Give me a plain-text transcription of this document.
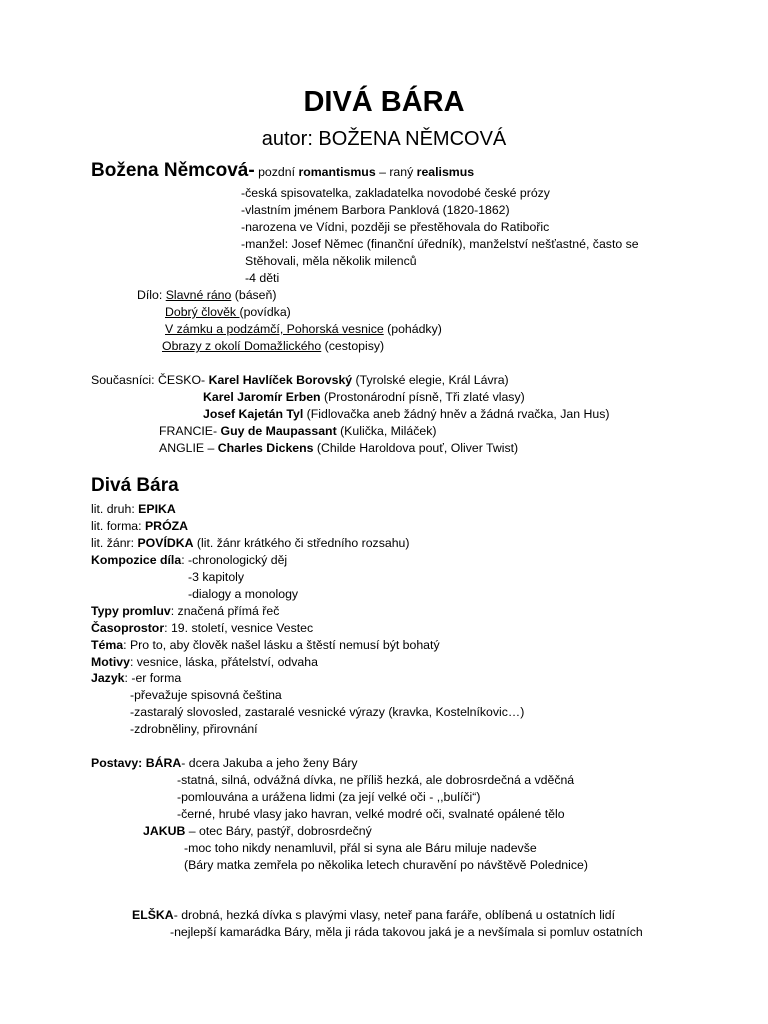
DIVÁ BÁRA
autor: BOŽENA NĚMCOVÁ
Božena Němcová- pozdní romantismus – raný realismus
-česká spisovatelka, zakladatelka novodobé české prózy
-vlastním jménem Barbora Panklová (1820-1862)
-narozena ve Vídni, později se přestěhovala do Ratibořic
-manžel: Josef Němec (finanční úředník), manželství nešťastné, často se
Stěhovali, měla několik milenců
-4 děti
Dílo: Slavné ráno (báseň)
Dobrý člověk (povídka)
V zámku a podzámčí, Pohorská vesnice (pohádky)
Obrazy z okolí Domažlického (cestopisy)
Současníci: ČESKO- Karel Havlíček Borovský (Tyrolské elegie, Král Lávra)
Karel Jaromír Erben (Prostonárodní písně, Tři zlaté vlasy)
Josef Kajetán Tyl (Fidlovačka aneb žádný hněv a žádná rvačka, Jan Hus)
FRANCIE- Guy de Maupassant (Kulička, Miláček)
ANGLIE – Charles Dickens (Childe Haroldova pouť, Oliver Twist)
Divá Bára
lit. druh: EPIKA
lit. forma: PRÓZA
lit. žánr: POVÍDKA (lit. žánr krátkého či středního rozsahu)
Kompozice díla: -chronologický děj
-3 kapitoly
-dialogy a monology
Typy promluv: značená přímá řeč
Časoprostor: 19. století, vesnice Vestec
Téma: Pro to, aby člověk našel lásku a štěstí nemusí být bohatý
Motivy: vesnice, láska, přátelství, odvaha
Jazyk: -er forma
-převažuje spisovná čeština
-zastaralý slovosled, zastaralé vesnické výrazy (kravka, Kostelníkovic…)
-zdrobněliny, přirovnání
Postavy: BÁRA- dcera Jakuba a jeho ženy Báry
-statná, silná, odvážná dívka, ne příliš hezká, ale dobrosrdečná a vděčná
-pomlouvána a urážena lidmi (za její velké oči - ,,bulíči“)
-černé, hrubé vlasy jako havran, velké modré oči, svalnaté opálené tělo
JAKUB – otec Báry, pastýř, dobrosrdečný
-moc toho nikdy nenamluvil, přál si syna ale Báru miluje nadevše
(Báry matka zemřela po několika letech churavění po návštěvě Polednice)
ELŠKA- drobná, hezká dívka s plavými vlasy, neteř pana faráře, oblíbená u ostatních lidí
-nejlepší kamarádka Báry, měla ji ráda takovou jaká je a nevšímala si pomluv ostatních
